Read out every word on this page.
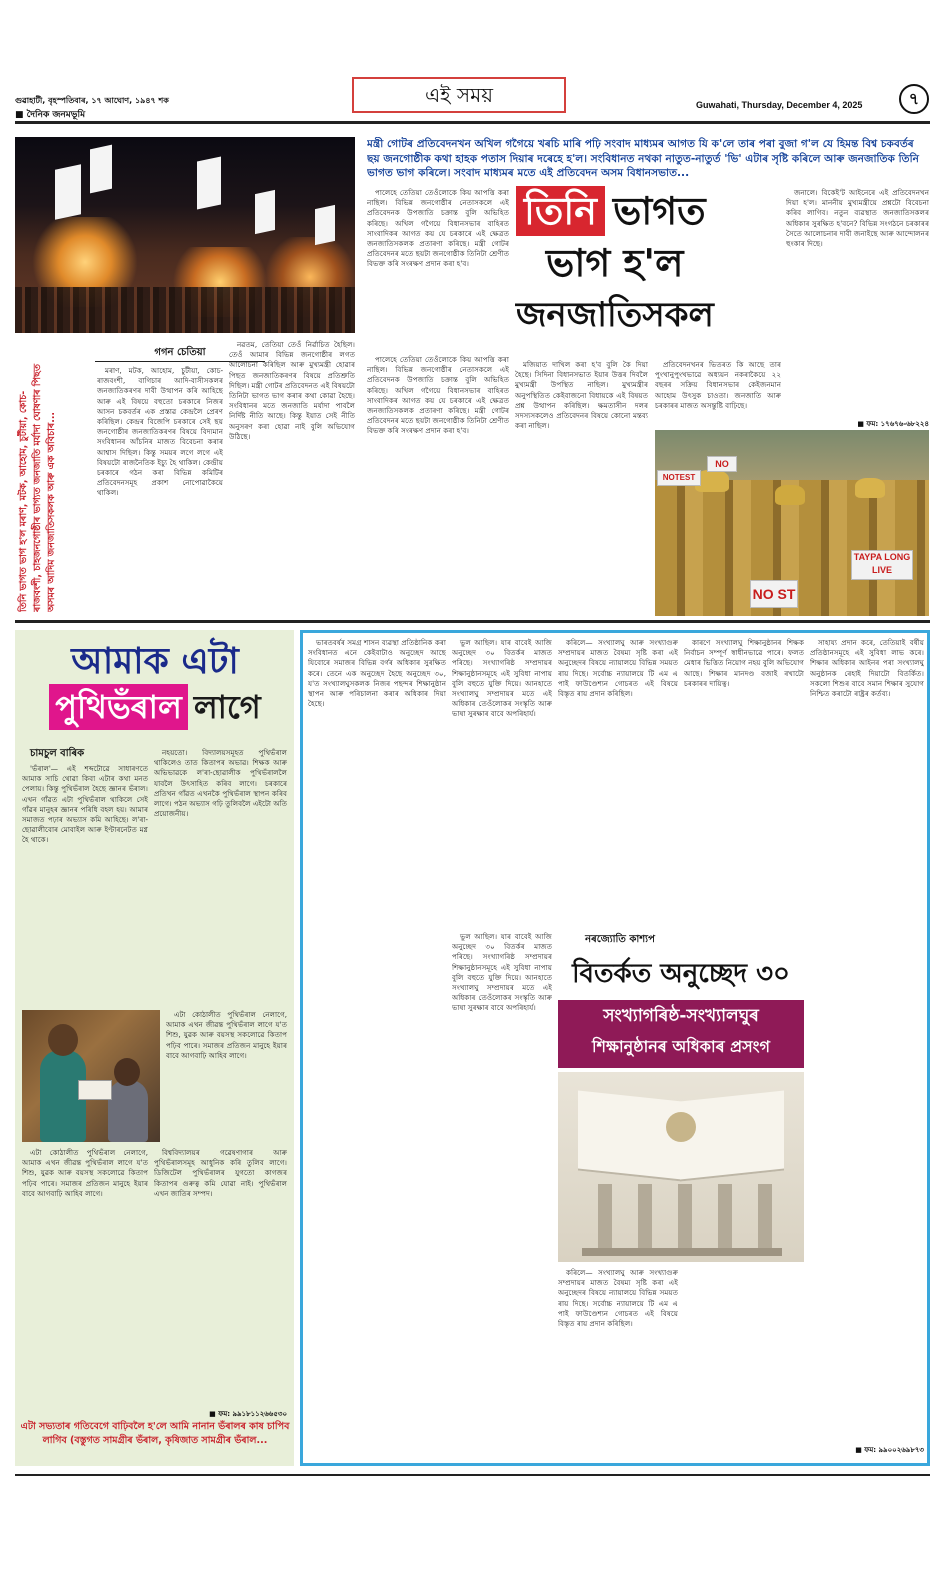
গুৱাহাটী, বৃহস্পতিবাৰ, ১৭ আঘোণ, ১৯৪৭ শক
■ দৈনিক জনমভূমি
এই সময়	Guwahati, Thursday, December 4, 2025	৭
মন্ত্ৰী গোটৰ প্ৰতিবেদনখন অখিল গগৈয়ে খৰচি মাৰি পঢ়ি সংবাদ মাধ্যমৰ আগত যি ক'লে তাৰ পৰা বুজা গ'ল যে হিমন্ত বিশ্ব চকবৰ্তৰ ছয় জনগোষ্ঠীক কথা হাহক পতাস দিয়াৰ দৰেহে হ'ল। সংবিধানত নথকা নাতুত-নাতুৰ্ত 'ভি' এটাৰ সৃষ্টি কৰিলে আৰু জনজাতিক তিনি ভাগত ভাগ কৰিলে। সংবাদ মাধ্যমৰ মতে এই প্ৰতিবেদন অসম বিধানসভাত...
গগন চেতিয়া
তিনি ভাগত ভাগ হ'ল মৰাণ, মটক, আহোম, চুটীয়া, কোচ-ৰাজবংশী, চাহজনগোষ্ঠীৰ ভাগ্যত জনজাতি মৰ্যাদা ঘোষণাৰ পিছত অসমৰ আদিম জনজাতিসকলক আৰু এক অবিচাৰ...

মৰাণ, মটক, আহোম, চুটীয়া, কোচ-ৰাজবংশী, বাগিচাৰ আদি-বাসীসকলৰ জনজাতিকৰণৰ দাবী উত্থাপন কৰি আহিছে আৰু এই বিষয়ে বহুতো চৰকাৰে নিজৰ আসন চকবৰ্তৰ এক প্ৰস্তাৱ কেন্দ্ৰলৈ প্ৰেৰণ কৰিছিল। কেন্দ্ৰৰ বিজেপি চৰকাৰে সেই ছয় জনগোষ্ঠীৰ জনজাতিকৰণৰ বিষয়ে বিদ্যমান সংবিধানৰ আঁচনিৰ মাজত বিবেচনা কৰাৰ আশ্বাস দিছিল। কিন্তু সময়ৰ লগে লগে এই বিষয়টো ৰাজনৈতিক ইচ্যু হৈ থাকিল। কেন্দ্ৰীয় চৰকাৰে গঠন কৰা বিভিন্ন কমিটিৰ প্ৰতিবেদনসমূহ প্ৰকাশ নোপোৱাকৈয়ে থাকিল।

নৱতম, তেতিয়া তেওঁ নিৰ্ৱাচিত হৈছিল। তেওঁ আমাৰ বিভিন্ন জনগোষ্ঠীৰ লগত আলোচনা কৰিছিল আৰু মুখ্যমন্ত্ৰী হোৱাৰ পিছত জনজাতিকৰণৰ বিষয়ে প্ৰতিশ্ৰুতি দিছিল। মন্ত্ৰী গোটৰ প্ৰতিবেদনত এই বিষয়টো তিনিটা ভাগত ভাগ কৰাৰ কথা কোৱা হৈছে। সংবিধানৰ মতে জনজাতি মৰ্যাদা পাবলৈ নিৰ্দিষ্ট নীতি আছে। কিন্তু ইয়াত সেই নীতি অনুসৰণ কৰা হোৱা নাই বুলি অভিযোগ উঠিছে।

পালেহে তেতিয়া তেওঁলোকে কিয় আপত্তি কৰা নাছিল। বিভিন্ন জনগোষ্ঠীৰ নেতাসকলে এই প্ৰতিবেদনক উপজাতি চক্ৰান্ত বুলি অভিহিত কৰিছে। অখিল গগৈয়ে বিধানসভাৰ বাহিৰত সাংবাদিকৰ আগত কয় যে চৰকাৰে এই ক্ষেত্ৰত জনজাতিসকলক প্ৰতাৰণা কৰিছে। মন্ত্ৰী গোটৰ প্ৰতিবেদনৰ মতে ছয়টা জনগোষ্ঠীক তিনিটা শ্ৰেণীত বিভক্ত কৰি সংৰক্ষণ প্ৰদান কৰা হ'ব।

জনালে। বিকেই'ট আইনেৰে এই প্ৰতিবেদনখন দিয়া হ'ল। মাননীয় মুখ্যমন্ত্ৰীয়ে প্ৰশ্নটো বিবেচনা কৰিব লাগিব। নতুন ব্যৱস্থাত জনজাতিসকলৰ অধিকাৰ সুৰক্ষিত হ'বনে? বিভিন্ন সংগঠনে চৰকাৰৰ সৈতে আলোচনাৰ দাবী জনাইছে আৰু আন্দোলনৰ হুংকাৰ দিছে।

■ ফম: ১৭৬৭৬-৬৮২২৪
তিনি ভাগত
ভাগ হ'ল
জনজাতিসকল

পালেহে তেতিয়া তেওঁলোকে কিয় আপত্তি কৰা নাছিল। বিভিন্ন জনগোষ্ঠীৰ নেতাসকলে এই প্ৰতিবেদনক উপজাতি চক্ৰান্ত বুলি অভিহিত কৰিছে। অখিল গগৈয়ে বিধানসভাৰ বাহিৰত সাংবাদিকৰ আগত কয় যে চৰকাৰে এই ক্ষেত্ৰত জনজাতিসকলক প্ৰতাৰণা কৰিছে। মন্ত্ৰী গোটৰ প্ৰতিবেদনৰ মতে ছয়টা জনগোষ্ঠীক তিনিটা শ্ৰেণীত বিভক্ত কৰি সংৰক্ষণ প্ৰদান কৰা হ'ব।

মজিয়াত দাখিল কৰা হ'ব বুলি কৈ দিয়া হৈছে। সিদিনা বিধানসভাত ইয়াৰ উত্তৰ দিবলৈ মুখ্যমন্ত্ৰী উপস্থিত নাছিল। মুখ্যমন্ত্ৰীৰ অনুপস্থিতিত কেইবাজনো বিধায়কে এই বিষয়ত প্ৰশ্ন উত্থাপন কৰিছিল। ক্ষমতাসীন দলৰ সদস্যসকলেও প্ৰতিবেদনৰ বিষয়ে কোনো মন্তব্য কৰা নাছিল।

প্ৰতিবেদনখনৰ ভিতৰত কি আছে তাৰ পুংখানুপুংখভাৱে অধ্যয়ন নকৰাকৈয়ে ২২ বছৰৰ সক্ৰিয় বিধানসভাৰ কেইজনমান আহোম উৎসুক চাওতা। জনজাতি আৰু চৰকাৰৰ মাজত অসন্তুষ্টি বাঢ়িছে।

TAYPA LONG LIVE
NO ST
NO
NOTEST
আমাক এটা
পুথিভঁৰাল লাগে
চামচুল বাৰিক

'ভঁৰাল'— এই শব্দটোৱে সাধাৰণতে আমাক সাচি থোৱা কিবা এটাৰ কথা মনত পেলায়। কিন্তু পুথিভঁৰাল হৈছে জ্ঞানৰ ভঁৰাল। এখন গাঁৱত এটা পুথিভঁৰাল থাকিলে সেই গাঁৱৰ মানুহৰ জ্ঞানৰ পৰিধি বহল হয়। আমাৰ সমাজত পঢ়াৰ অভ্যাস কমি আহিছে। ল'ৰা-ছোৱালীবোৰ মোবাইল আৰু ইণ্টাৰনেটত মগ্ন হৈ থাকে।

নহয়তো। বিদ্যালয়সমূহত পুথিভঁৰাল থাকিলেও তাত কিতাপৰ অভাৱ। শিক্ষক আৰু অভিভাৱকে ল'ৰা-ছোৱালীক পুথিভঁৰাললৈ যাবলৈ উৎসাহিত কৰিব লাগে। চৰকাৰে প্ৰতিখন গাঁৱত এখনকৈ পুথিভঁৰাল স্থাপন কৰিব লাগে। পঠন অভ্যাস গঢ়ি তুলিবলৈ এইটো অতি প্ৰয়োজনীয়।

এটা কোঠালীত পুথিভঁৰাল নেলাগে, আমাক এখন জীৱন্ত পুথিভঁৰাল লাগে য'ত শিশু, যুৱক আৰু বয়সস্থ সকলোৱে কিতাপ পঢ়িব পাৰে। সমাজৰ প্ৰতিজন মানুহে ইয়াৰ বাবে আগবাঢ়ি আহিব লাগে।

এটা কোঠালীত পুথিভঁৰাল নেলাগে, আমাক এখন জীৱন্ত পুথিভঁৰাল লাগে য'ত শিশু, যুৱক আৰু বয়সস্থ সকলোৱে কিতাপ পঢ়িব পাৰে। সমাজৰ প্ৰতিজন মানুহে ইয়াৰ বাবে আগবাঢ়ি আহিব লাগে।

বিশ্ববিদ্যালয়ৰ গৱেষণাগাৰ আৰু পুথিভঁৰালসমূহ আধুনিক কৰি তুলিব লাগে। ডিজিটেল পুথিভঁৰালৰ যুগতো কাগজৰ কিতাপৰ গুৰুত্ব কমি যোৱা নাই। পুথিভঁৰাল এখন জাতিৰ সম্পদ।

■ ফম: ৯৯১৮১১২৬৬৫৩০
এটা সভ্যতাৰ গতিবেগে বাঢ়িবলৈ হ'লে আমি নানান ভঁৰালৰ কাষ চাপিব লাগিব (বস্তুগত সামগ্ৰীৰ ভঁৰাল, কৃষিজাত সামগ্ৰীৰ ভঁৰাল...

ভাৰতবৰ্ষৰ সমগ্ৰ শাসন ব্যৱস্থা প্ৰতিষ্ঠানিক কৰা সংবিধানত এনে কেইবাটাও অনুচ্ছেদ আছে যিবোৰে সমাজৰ বিভিন্ন বৰ্গৰ অধিকাৰ সুৰক্ষিত কৰে। তেনে এক অনুচ্ছেদ হৈছে অনুচ্ছেদ ৩০, য'ত সংখ্যালঘুসকলক নিজৰ পছন্দৰ শিক্ষানুষ্ঠান স্থাপন আৰু পৰিচালনা কৰাৰ অধিকাৰ দিয়া হৈছে।

ভুল আছিল। যাৰ বাবেই আজি অনুচ্ছেদ ৩০ বিতৰ্কৰ মাজত পৰিছে। সংখ্যাগৰিষ্ঠ সম্প্ৰদায়ৰ শিক্ষানুষ্ঠানসমূহে এই সুবিধা নাপায় বুলি বহুতে যুক্তি দিয়ে। আনহাতে সংখ্যালঘু সম্প্ৰদায়ৰ মতে এই অধিকাৰ তেওঁলোকৰ সংস্কৃতি আৰু ভাষা সুৰক্ষাৰ বাবে অপৰিহাৰ্য।

কৰিলে— সংখ্যালঘু আৰু সংখ্যাগুৰু সম্প্ৰদায়ৰ মাজত বৈষম্য সৃষ্টি কৰা এই অনুচ্ছেদৰ বিষয়ে ন্যায়ালয়ে বিভিন্ন সময়ত ৰায় দিছে। সৰ্বোচ্চ ন্যায়ালয়ে টি এম এ পাই ফাউণ্ডেশ্যন গোচৰত এই বিষয়ে বিস্তৃত ৰায় প্ৰদান কৰিছিল।

কাৰণে সংখ্যালঘু শিক্ষানুষ্ঠানৰ শিক্ষক নিৰ্বাচন সম্পূৰ্ণ স্বাধীনভাৱে পাৰে। ফলত মেধাৰ ভিত্তিত নিয়োগ নহয় বুলি অভিযোগ আছে। শিক্ষাৰ মানদণ্ড বজাই ৰখাটো চৰকাৰৰ দায়িত্ব।

সাহায্য প্ৰদান কৰে, তেতিয়াই বৰ্ষীয় প্ৰতিষ্ঠানসমূহে এই সুবিধা লাভ কৰে। শিক্ষাৰ অধিকাৰ আইনৰ পৰা সংখ্যালঘু অনুষ্ঠানক ৰেহাই দিয়াটো বিতৰ্কিত। সকলো শিশুৰ বাবে সমান শিক্ষাৰ সুযোগ নিশ্চিত কৰাটো ৰাষ্ট্ৰৰ কৰ্তব্য।

■ ফম: ৯৯০০২৬৯৮৭৩
নৰজ্যোতি কাশ্যপ
বিতৰ্কত অনুচ্ছেদ ৩০
সংখ্যাগৰিষ্ঠ-সংখ্যালঘুৰ
শিক্ষানুষ্ঠানৰ অধিকাৰ প্ৰসংগ

ভুল আছিল। যাৰ বাবেই আজি অনুচ্ছেদ ৩০ বিতৰ্কৰ মাজত পৰিছে। সংখ্যাগৰিষ্ঠ সম্প্ৰদায়ৰ শিক্ষানুষ্ঠানসমূহে এই সুবিধা নাপায় বুলি বহুতে যুক্তি দিয়ে। আনহাতে সংখ্যালঘু সম্প্ৰদায়ৰ মতে এই অধিকাৰ তেওঁলোকৰ সংস্কৃতি আৰু ভাষা সুৰক্ষাৰ বাবে অপৰিহাৰ্য।

কৰিলে— সংখ্যালঘু আৰু সংখ্যাগুৰু সম্প্ৰদায়ৰ মাজত বৈষম্য সৃষ্টি কৰা এই অনুচ্ছেদৰ বিষয়ে ন্যায়ালয়ে বিভিন্ন সময়ত ৰায় দিছে। সৰ্বোচ্চ ন্যায়ালয়ে টি এম এ পাই ফাউণ্ডেশ্যন গোচৰত এই বিষয়ে বিস্তৃত ৰায় প্ৰদান কৰিছিল।
